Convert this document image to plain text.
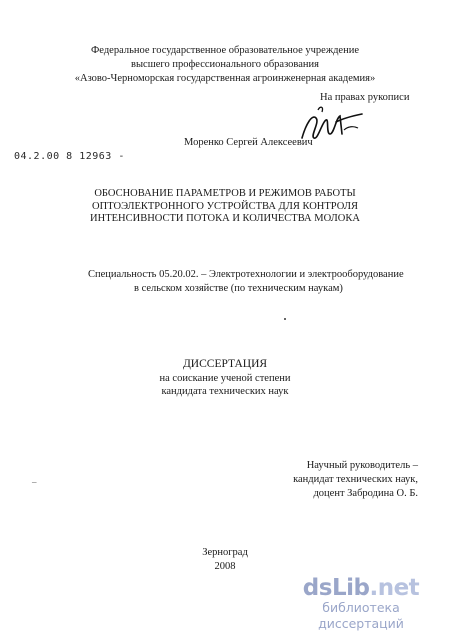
Федеральное государственное образовательное учреждение
высшего профессионального образования
«Азово-Черноморская государственная агроинженерная академия»
На правах рукописи
04.2.00 8 12963 -
Моренко Сергей Алексеевич
ОБОСНОВАНИЕ ПАРАМЕТРОВ И РЕЖИМОВ РАБОТЫ
ОПТОЭЛЕКТРОННОГО УСТРОЙСТВА ДЛЯ КОНТРОЛЯ
ИНТЕНСИВНОСТИ ПОТОКА И КОЛИЧЕСТВА МОЛОКА
Специальность 05.20.02. – Электротехнологии и электрооборудование
в сельском хозяйстве (по техническим наукам)
ДИССЕРТАЦИЯ
на соискание ученой степени
кандидата технических наук
–
Научный руководитель –
кандидат технических наук,
доцент Забродина О. Б.
Зерноград
2008
dsLib.net
библиотека диссертаций
